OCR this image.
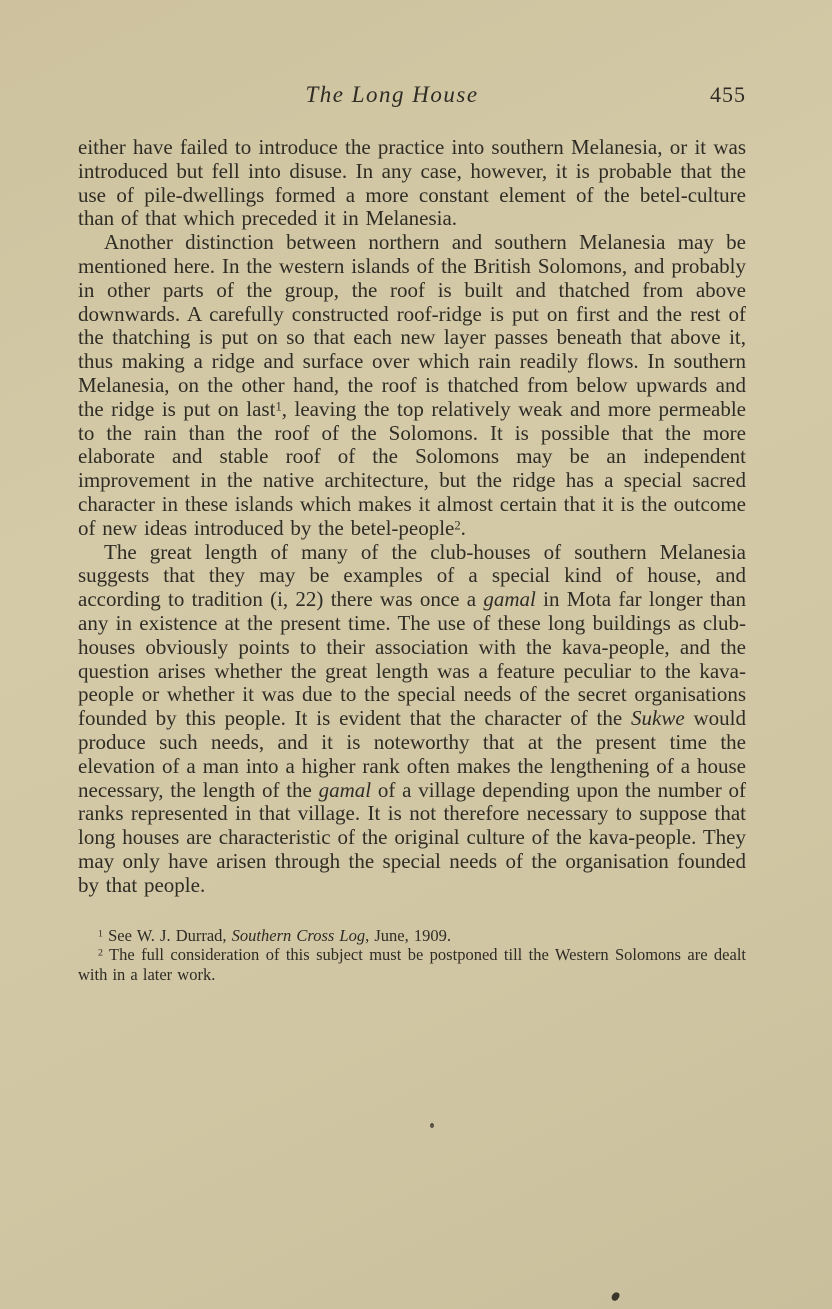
The Long House	455

either have failed to introduce the practice into southern Melanesia, or it was introduced but fell into disuse. In any case, however, it is probable that the use of pile-dwellings formed a more constant element of the betel-culture than of that which preceded it in Melanesia.

Another distinction between northern and southern Melanesia may be mentioned here. In the western islands of the British Solomons, and probably in other parts of the group, the roof is built and thatched from above downwards. A carefully constructed roof-ridge is put on first and the rest of the thatching is put on so that each new layer passes beneath that above it, thus making a ridge and surface over which rain readily flows. In southern Melanesia, on the other hand, the roof is thatched from below upwards and the ridge is put on last$^1$, leaving the top relatively weak and more permeable to the rain than the roof of the Solomons. It is possible that the more elaborate and stable roof of the Solomons may be an independent improvement in the native architecture, but the ridge has a special sacred character in these islands which makes it almost certain that it is the outcome of new ideas introduced by the betel-people$^2$.

The great length of many of the club-houses of southern Melanesia suggests that they may be examples of a special kind of house, and according to tradition (i, 22) there was once a gamal in Mota far longer than any in existence at the present time. The use of these long buildings as club-houses obviously points to their association with the kava-people, and the question arises whether the great length was a feature peculiar to the kava-people or whether it was due to the special needs of the secret organisations founded by this people. It is evident that the character of the Sukwe would produce such needs, and it is noteworthy that at the present time the elevation of a man into a higher rank often makes the lengthening of a house necessary, the length of the gamal of a village depending upon the number of ranks represented in that village. It is not therefore necessary to suppose that long houses are characteristic of the original culture of the kava-people. They may only have arisen through the special needs of the organisation founded by that people.

$^1$ See W. J. Durrad, Southern Cross Log, June, 1909.

$^2$ The full consideration of this subject must be postponed till the Western Solomons are dealt with in a later work.
